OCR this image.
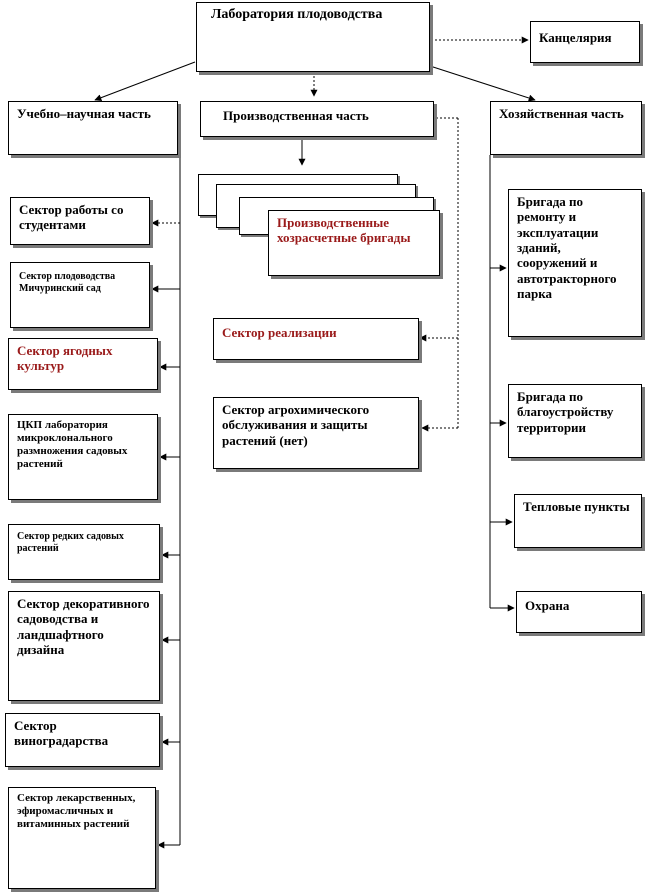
Лаборатория плодоводства
Канцелярия
Учебно–научная часть	Производственная часть	Хозяйственная часть
Сектор работы со студентами
Сектор плодоводства Мичуринский сад
Сектор ягодных культур
ЦКП лаборатория микроклонального размножения садовых растений
Сектор редких садовых растений
Сектор декоративного садоводства и ландшафтного дизайна
Сектор виноградарства
Сектор лекарственных, эфиромасличных и витаминных растений
Производственные хозрасчетные бригады
Сектор реализации
Сектор агрохимического обслуживания и защиты растений (нет)
Бригада по ремонту и эксплуатации зданий, сооружений и автотракторного парка
Бригада по благоустройству территории
Тепловые пункты
Охрана
